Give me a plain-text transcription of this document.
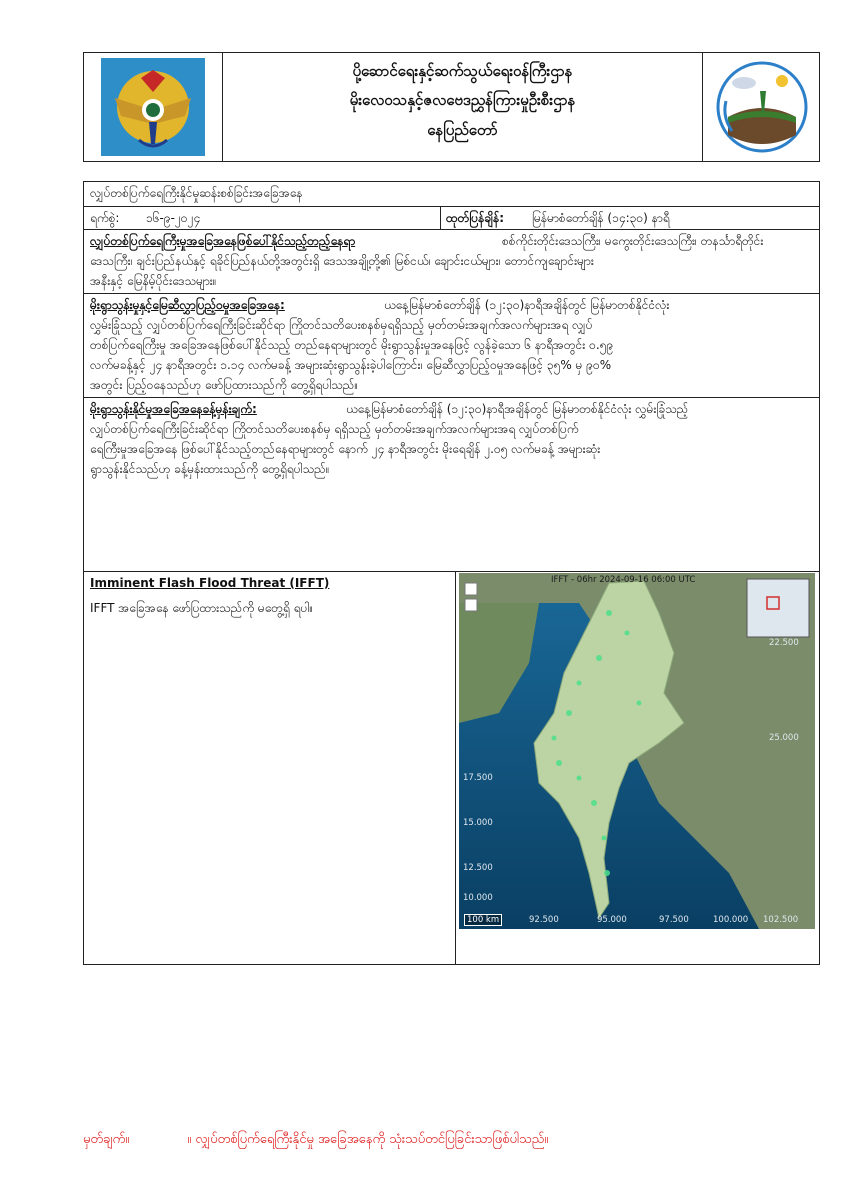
ပို့ဆောင်ရေးနှင့်ဆက်သွယ်ရေးဝန်ကြီးဌာန
မိုးလေဝသနှင့်ဇလဗေဒညွှန်ကြားမှုဦးစီးဌာန
နေပြည်တော်
လျှပ်တစ်ပြက်ရေကြီးနိုင်မှုဆန်းစစ်ခြင်းအခြေအနေ
ရက်စွဲ: ၁၆-၉-၂၀၂၄	ထုတ်ပြန်ချိန်: မြန်မာစံတော်ချိန် (၁၄:၃၀) နာရီ
လျှပ်တစ်ပြက်ရေကြီးမှုအခြေအနေဖြစ်ပေါ်နိုင်သည့်တည့်နေရာ	စစ်ကိုင်းတိုင်းဒေသကြီး၊ မကွေးတိုင်းဒေသကြီး၊ တနင်္သာရီတိုင်း
ဒေသကြီး၊ ချင်းပြည်နယ်နှင့် ရခိုင်ပြည်နယ်တို့အတွင်းရှိ ဒေသအချို့တို့၏ မြစ်ငယ်၊ ချောင်းငယ်များ၊ တောင်ကျချောင်းများ
အနီးနှင့် မြေနိမ့်ပိုင်းဒေသများ။
မိုးရွာသွန်းမှုနှင့်မြေဆီလွှာပြည့်ဝမှုအခြေအနေ:	ယနေ့မြန်မာစံတော်ချိန် (၁၂:၃၀)နာရီအချိန်တွင် မြန်မာတစ်နိုင်ငံလုံး
လွှမ်းခြုံသည့် လျှပ်တစ်ပြက်ရေကြီးခြင်းဆိုင်ရာ ကြိုတင်သတိပေးစနစ်မှရရှိသည့် မှတ်တမ်းအချက်အလက်များအရ လျှပ်
တစ်ပြက်ရေကြီးမှု အခြေအနေဖြစ်ပေါ်နိုင်သည့် တည်နေရာများတွင် မိုးရွာသွန်းမှုအနေဖြင့် လွန်ခဲ့သော ၆ နာရီအတွင်း ၀.၅၉
လက်မခန့်နှင့် ၂၄ နာရီအတွင်း ၁.၁၄ လက်မခန့် အများဆုံးရွာသွန်းခဲ့ပါကြောင်း၊ မြေဆီလွှာပြည့်ဝမှုအနေဖြင့် ၃၅% မှ ၉၀%
အတွင်း ပြည့်ဝနေသည်ဟု ဖော်ပြထားသည်ကို တွေ့ရှိရပါသည်။
မိုးရွာသွန်းနိုင်မှုအခြေအနေခန့်မှန်းချက်:	ယနေ့မြန်မာစံတော်ချိန် (၁၂:၃၀)နာရီအချိန်တွင် မြန်မာတစ်နိုင်ငံလုံး လွှမ်းခြုံသည့်
လျှပ်တစ်ပြက်ရေကြီးခြင်းဆိုင်ရာ ကြိုတင်သတိပေးစနစ်မှ ရရှိသည့် မှတ်တမ်းအချက်အလက်များအရ လျှပ်တစ်ပြက်
ရေကြီးမှုအခြေအနေ ဖြစ်ပေါ်နိုင်သည့်တည်နေရာများတွင် နောက် ၂၄ နာရီအတွင်း မိုးရေချိန် ၂.၀၅ လက်မခန့် အများဆုံး
ရွာသွန်းနိုင်သည်ဟု ခန့်မှန်းထားသည်ကို တွေ့ရှိရပါသည်။
Imminent Flash Flood Threat (IFFT)
IFFT အခြေအနေ ဖော်ပြထားသည်ကို မတွေ့ရှိ ရပါ။
IFFT - 06hr 2024-09-16 06:00 UTC
25.000
17.500
15.000
12.500
10.000
22.500
92.500	95.000	97.500	100.000 102.500
100 km
မှတ်ချက်။	။ လျှပ်တစ်ပြက်ရေကြီးနိုင်မှု အခြေအနေကို သုံးသပ်တင်ပြခြင်းသာဖြစ်ပါသည်။
